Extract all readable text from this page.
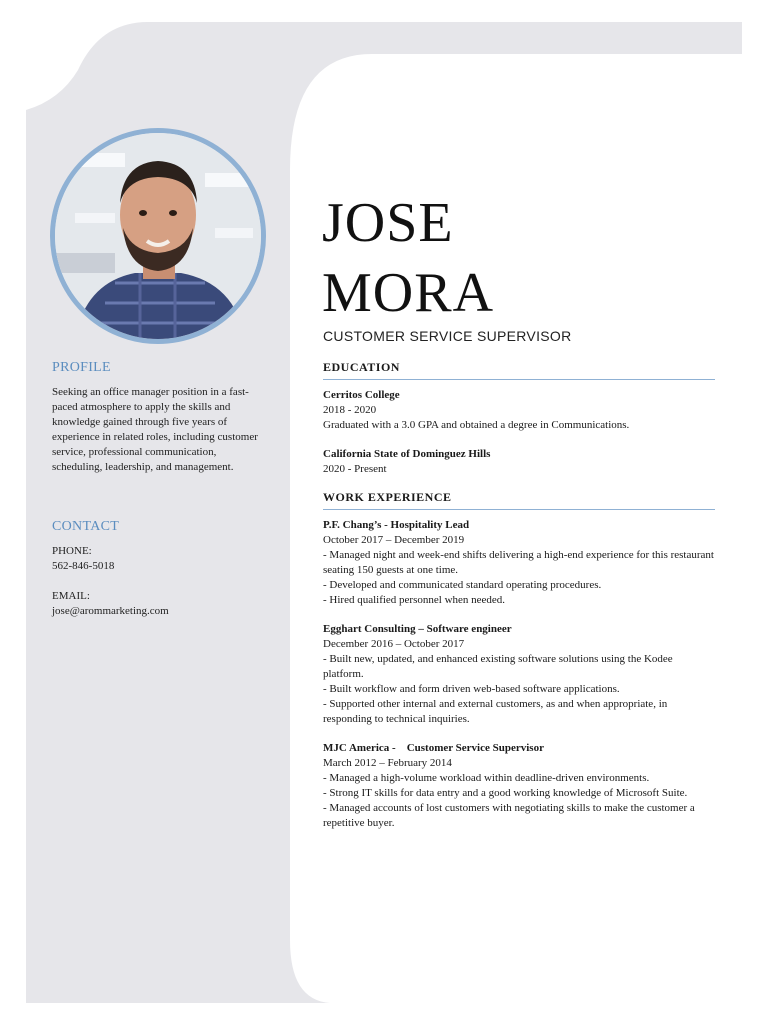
PROFILE

Seeking an office manager position in a fast-paced atmosphere to apply the skills and knowledge gained through five years of experience in related roles, including customer service, professional communication, scheduling, leadership, and management.

CONTACT
PHONE:
562-846-5018
EMAIL:
jose@arommarketing.com
JOSE
MORA
CUSTOMER SERVICE SUPERVISOR
EDUCATION
Cerritos College
2018 - 2020
Graduated with a 3.0 GPA and obtained a degree in Communications.
California State of Dominguez Hills
2020 - Present
WORK EXPERIENCE
P.F. Chang’s - Hospitality Lead
October 2017 – December 2019
- Managed night and week-end shifts delivering a high-end experience for this restaurant seating 150 guests at one time.
- Developed and communicated standard operating procedures.
- Hired qualified personnel when needed.
Egghart Consulting – Software engineer
December 2016 – October 2017
- Built new, updated, and enhanced existing software solutions using the Kodee platform.
- Built workflow and form driven web-based software applications.
- Supported other internal and external customers, as and when appropriate, in responding to technical inquiries.
MJC America -    Customer Service Supervisor
March 2012 – February 2014
- Managed a high-volume workload within deadline-driven environments.
- Strong IT skills for data entry and a good working knowledge of Microsoft Suite.
- Managed accounts of lost customers with negotiating skills to make the customer a repetitive buyer.
